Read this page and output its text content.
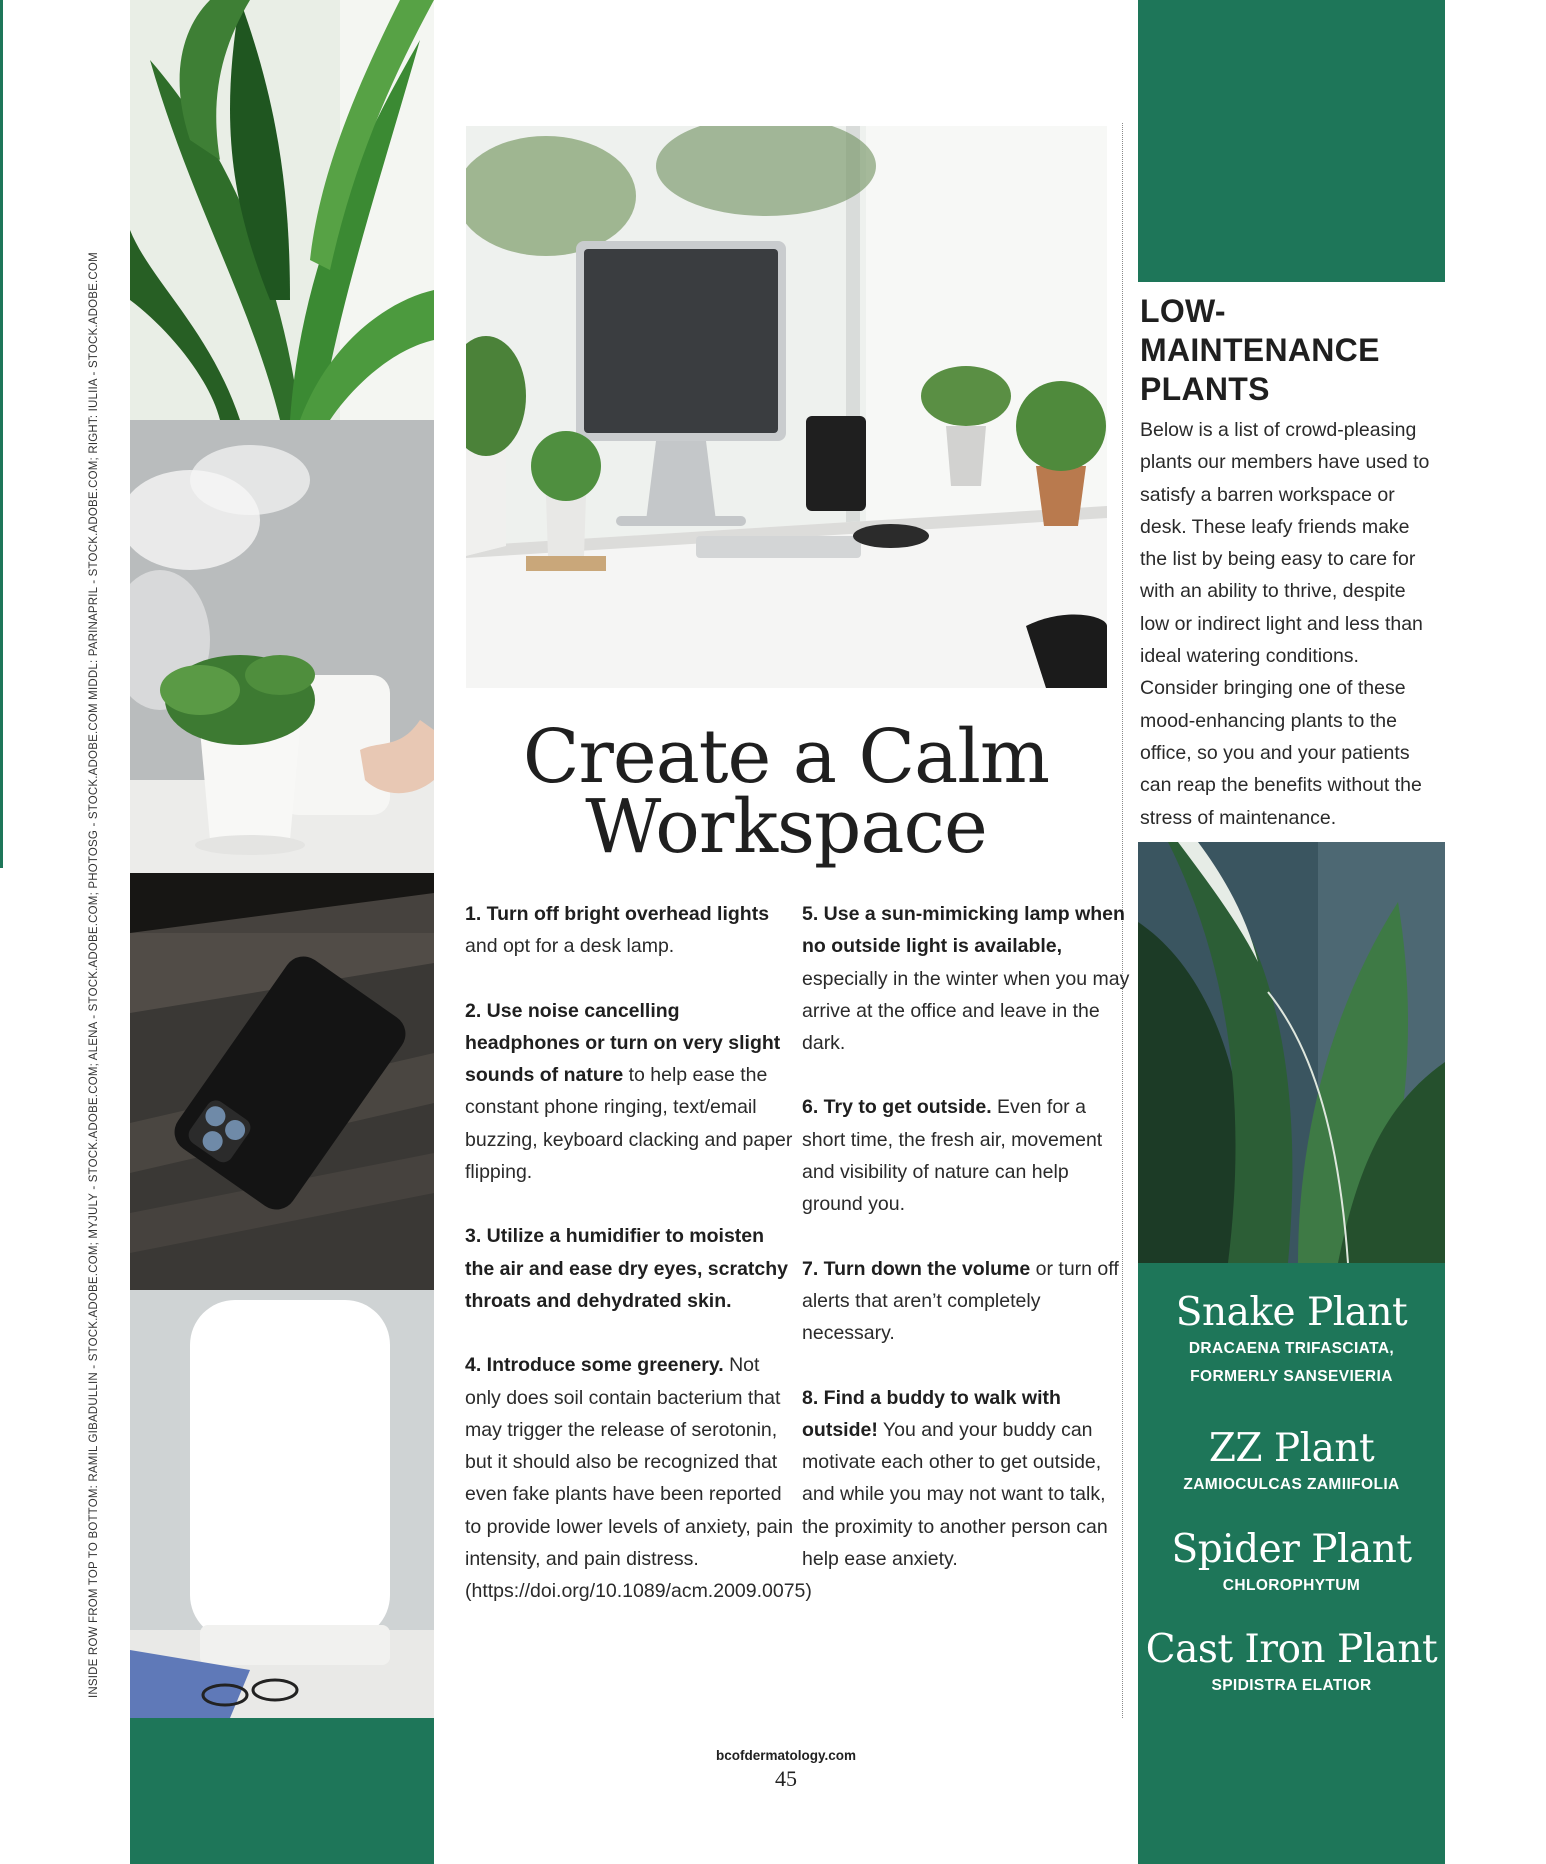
INSIDE ROW FROM TOP TO BOTTOM: RAMIL GIBADULLIN - STOCK.ADOBE.COM; MYJULY - STOCK.ADOBE.COM; ALENA - STOCK.ADOBE.COM; PHOTOSG - STOCK.ADOBE.COM MIDDL: PARINAPRIL - STOCK.ADOBE.COM; RIGHT: IULIIA - STOCK.ADOBE.COM	Create a Calm Workspace

1. Turn off bright overhead lights and opt for a desk lamp.

2. Use noise cancelling headphones or turn on very slight sounds of nature to help ease the constant phone ringing, text/email buzzing, keyboard clacking and paper flipping.

3. Utilize a humidifier to moisten the air and ease dry eyes, scratchy throats and dehydrated skin.

4. Introduce some greenery. Not only does soil contain bacterium that may trigger the release of serotonin, but it should also be recognized that even fake plants have been reported to provide lower levels of anxiety, pain intensity, and pain distress. (https://doi.org/10.1089/acm.2009.0075)

5. Use a sun-mimicking lamp when no outside light is available, especially in the winter when you may arrive at the office and leave in the dark.

6. Try to get outside. Even for a short time, the fresh air, movement and visibility of nature can help ground you.

7. Turn down the volume or turn off alerts that aren’t completely necessary.

8. Find a buddy to walk with outside! You and your buddy can motivate each other to get outside, and while you may not want to talk, the proximity to another person can help ease anxiety.

bcofdermatology.com
45
LOW-MAINTENANCE PLANTS

Below is a list of crowd-pleasing plants our members have used to satisfy a barren workspace or desk. These leafy friends make the list by being easy to care for with an ability to thrive, despite low or indirect light and less than ideal watering conditions. Consider bringing one of these mood-enhancing plants to the office, so you and your patients can reap the benefits without the stress of maintenance.

Snake Plant
DRACAENA TRIFASCIATA, FORMERLY SANSEVIERIA
ZZ Plant
ZAMIOCULCAS ZAMIIFOLIA
Spider Plant
CHLOROPHYTUM
Cast Iron Plant
SPIDISTRA ELATIOR
